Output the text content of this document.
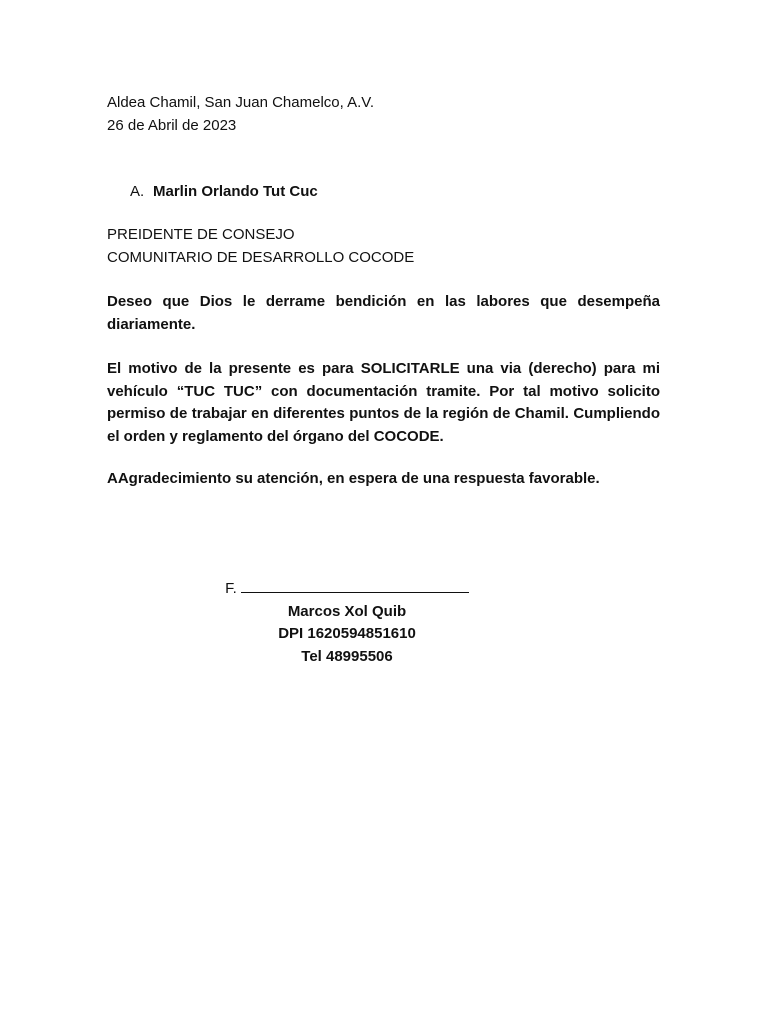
Aldea Chamil, San Juan Chamelco, A.V.
26 de Abril de 2023
A. Marlin Orlando Tut Cuc
PREIDENTE DE CONSEJO
COMUNITARIO DE DESARROLLO COCODE

Deseo que Dios le derrame bendición en las labores que desempeña diariamente.

El motivo de la presente es para SOLICITARLE una via (derecho) para mi vehículo “TUC TUC” con documentación tramite. Por tal motivo solicito permiso de trabajar en diferentes puntos de la región de Chamil. Cumpliendo el orden y reglamento del órgano del COCODE.

AAgradecimiento su atención, en espera de una respuesta favorable.

F.
Marcos Xol Quib
DPI 1620594851610
Tel 48995506
